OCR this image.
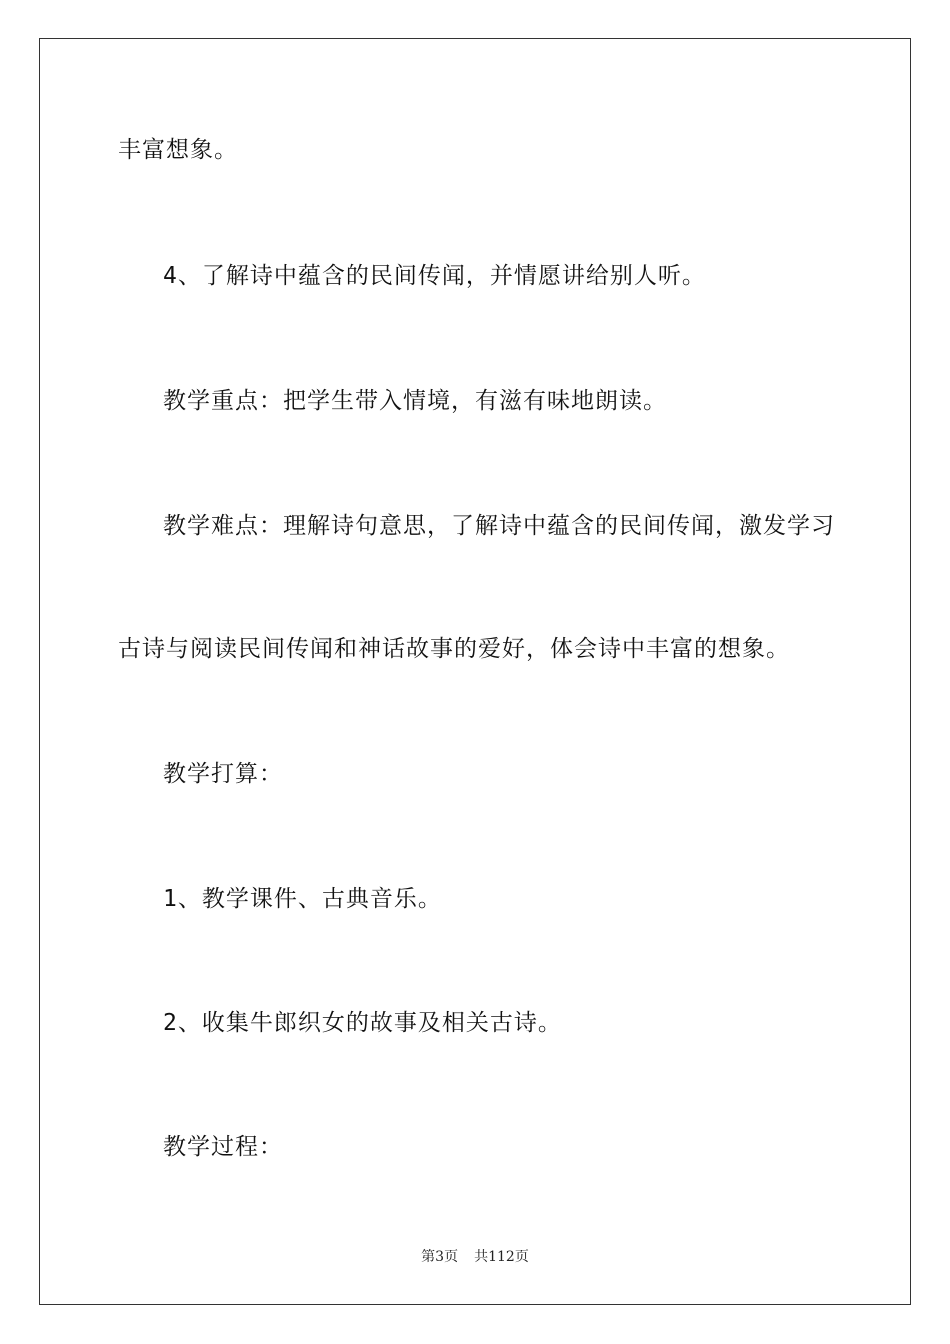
丰富想象。
4、了解诗中蕴含的民间传闻，并情愿讲给别人听。
教学重点：把学生带入情境，有滋有味地朗读。
教学难点：理解诗句意思，了解诗中蕴含的民间传闻，激发学习
古诗与阅读民间传闻和神话故事的爱好，体会诗中丰富的想象。
教学打算：
1、教学课件、古典音乐。
2、收集牛郎织女的故事及相关古诗。
教学过程：
第3页 共112页
